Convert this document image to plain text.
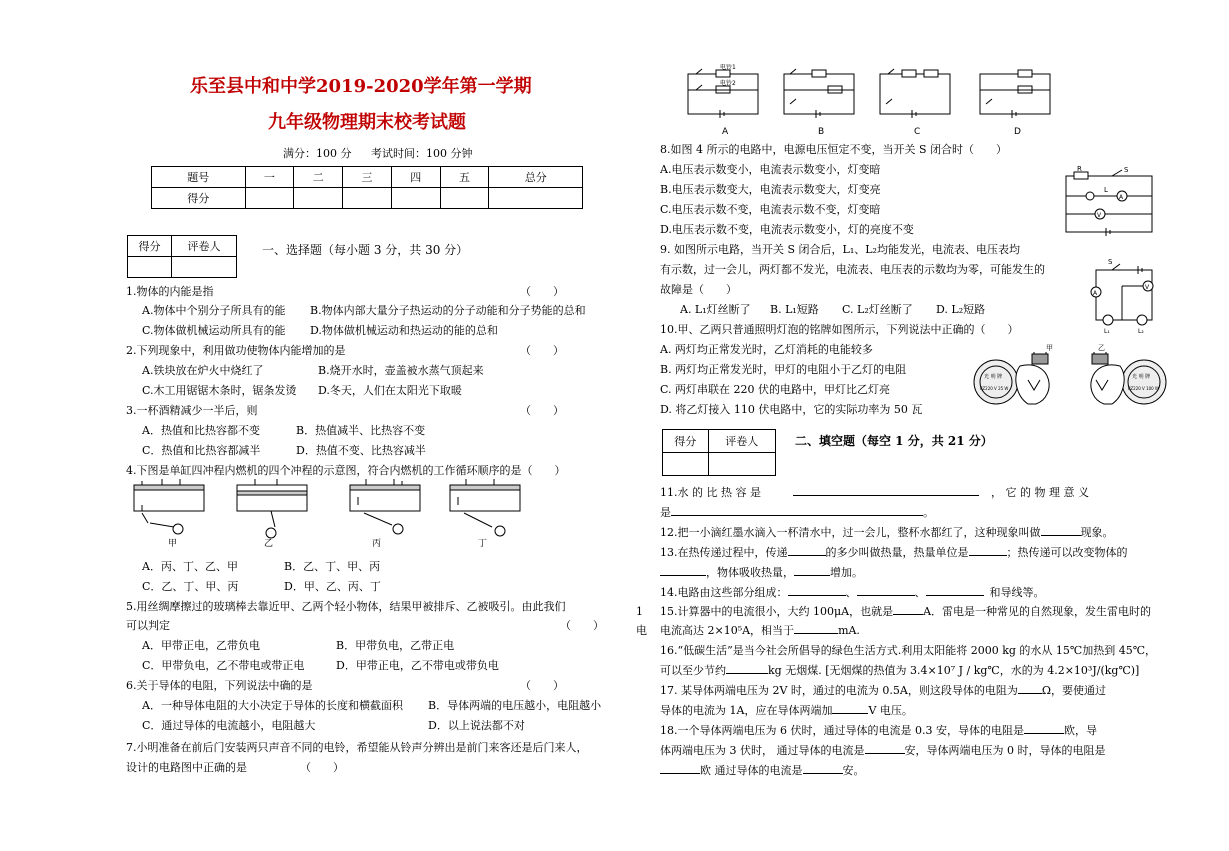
乐至县中和中学2019-2020学年第一学期
九年级物理期末校考试题
满分：100 分 考试时间：100 分钟
题号	一	二	三	四	五	总分
得分						
得分	评卷人
		一、选择题（每小题 3 分，共 30 分）
1.物体的内能是指	（　　）
A.物体中个别分子所具有的能 B.物体内部大量分子热运动的分子动能和分子势能的总和
C.物体做机械运动所具有的能 D.物体做机械运动和热运动的能的总和
2.下列现象中，利用做功使物体内能增加的是	（　　）
A.铁块放在炉火中烧红了	B.烧开水时，壶盖被水蒸气顶起来
C.木工用锯锯木条时，锯条发烫 D.冬天，人们在太阳光下取暖
3.一杯酒精减少一半后，则	（　　）
A．热值和比热容都不变	B．热值减半、比热容不变
C．热值和比热容都减半	D．热值不变、比热容减半
4.下图是单缸四冲程内燃机的四个冲程的示意图，符合内燃机的工作循环顺序的是（　　）
甲	乙	丙	丁
A．丙、丁、乙、甲	B．乙、丁、甲、丙
C．乙、丁、甲、丙	D．甲、乙、丙、丁
5.用丝绸摩擦过的玻璃棒去靠近甲、乙两个轻小物体，结果甲被排斥、乙被吸引。由此我们
可以判定	（　　）
A．甲带正电，乙带负电	B．甲带负电，乙带正电
C．甲带负电，乙不带电或带正电	D．甲带正电，乙不带电或带负电
6.关于导体的电阻，下列说法中确的是	（　　）
A．一种导体电阻的大小决定于导体的长度和横截面积 B．导体两端的电压越小，电阻越小
C．通过导体的电流越小，电阻越大	D．以上说法都不对
7.小明准备在前后门安装两只声音不同的电铃，希望能从铃声分辨出是前门来客还是后门来人，
设计的电路图中正确的是	（　　）
电铃1
电铃2
A	B	C	D
8.如图 4 所示的电路中，电源电压恒定不变，当开关 S 闭合时（　　）
A.电压表示数变小，电流表示数变小，灯变暗
B.电压表示数变大，电流表示数变大，灯变亮
C.电压表示数不变，电流表示数不变，灯变暗
D.电压表示数不变，电流表示数变小，灯的亮度不变
R	S
L
A
V
9. 如图所示电路，当开关 S 闭合后，L₁、L₂均能发光，电流表、电压表均
有示数，过一会儿，两灯都不发光，电流表、电压表的示数均为零，可能发生的
故障是（　　）
A. L₁灯丝断了 B. L₁短路 C. L₂灯丝断了 D. L₂短路
S
A
V
L₁	L₂
10.甲、乙两只普通照明灯泡的铭牌如图所示，下列说法中正确的（　　）
A. 两灯均正常发光时，乙灯消耗的电能较多
B. 两灯均正常发光时，甲灯的电阻小于乙灯的电阻
C. 两灯串联在 220 伏的电路中，甲灯比乙灯亮
D. 将乙灯接入 110 伏电路中，它的实际功率为 50 瓦
甲	乙
光 明 牌
PZ220 V 25 W
光 明 牌
PZ220 V 100 W
得分	评卷人
		二、填空题（每空 1 分，共 21 分）
11.水 的 比 热 容 是	， 它 的 物 理 意 义
是	。
12.把一小滴红墨水滴入一杯清水中，过一会儿，整杯水都红了，这种现象叫做	现象。
13.在热传递过程中，传递	的多少叫做热量，热量单位是	；热传递可以改变物体的
，物体吸收热量，	增加。
14.电路由这些部分组成：	、	、	和导线等。
1 15.计算器中的电流很小，大约 100μA，也就是	A．雷电是一种常见的自然现象，发生雷电时的
电 电流高达 2×10⁵A，相当于	mA.
16.“低碳生活”是当今社会所倡导的绿色生活方式.利用太阳能将 2000 kg 的水从 15℃加热到 45℃，
可以至少节约	kg 无烟煤. [无烟煤的热值为 3.4×10⁷ J / kg℃，水的为 4.2×10³J/(kg℃)]
17. 某导体两端电压为 2V 时，通过的电流为 0.5A，则这段导体的电阻为 Ω，要使通过
导体的电流为 1A，应在导体两端加	V 电压。
18.一个导体两端电压为 6 伏时，通过导体的电流是 0.3 安，导体的电阻是	欧，导
体两端电压为 3 伏时， 通过导体的电流是	安，导体两端电压为 0 时，导体的电阻是
欧 通过导体的电流是	安。
